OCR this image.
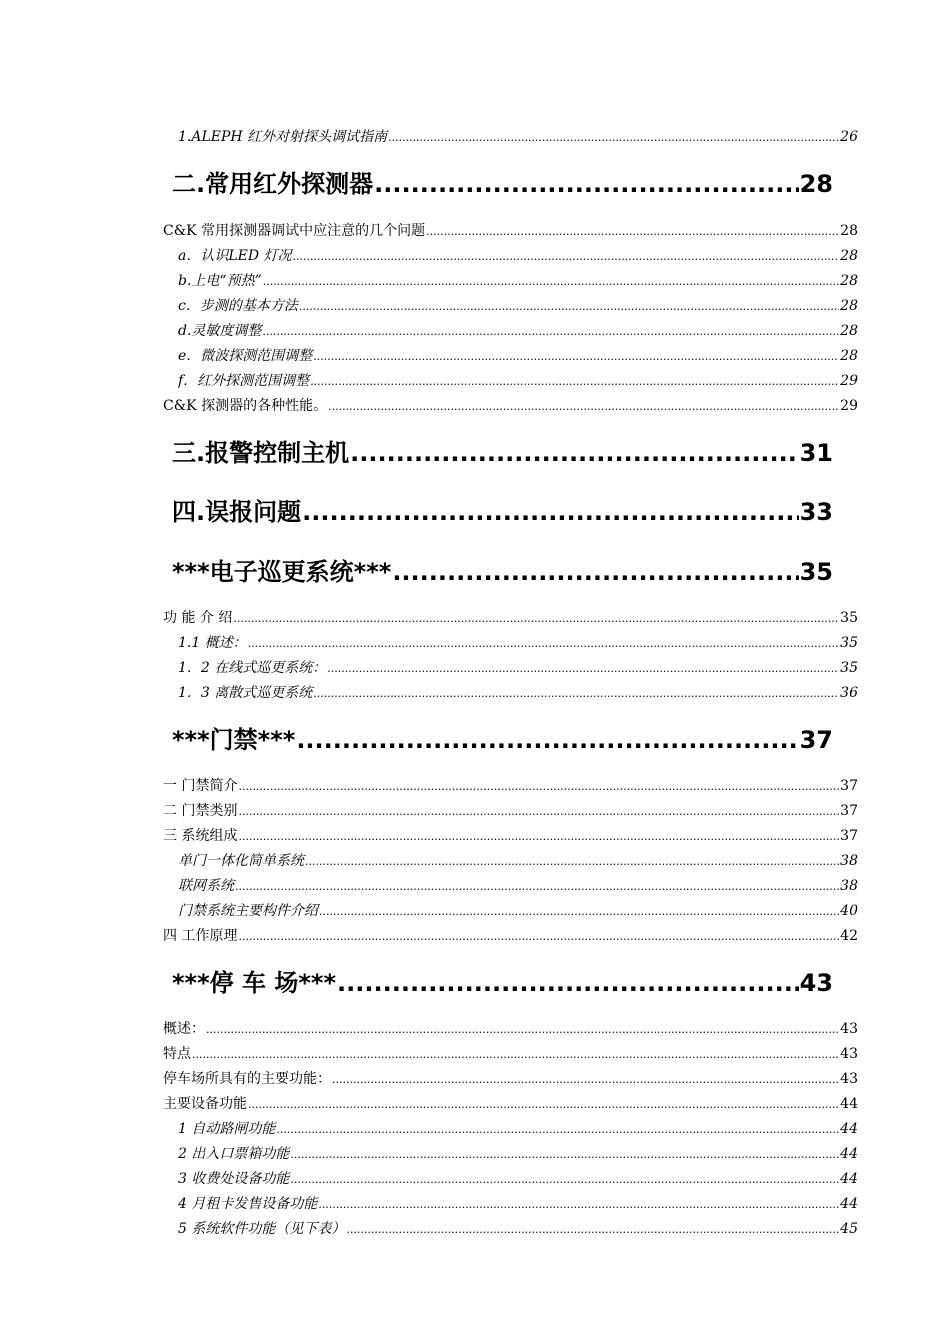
1.ALEPH 红外对射探头调试指南 .....	26
二.常用红外探测器 .....	28
C&K 常用探测器调试中应注意的几个问题 .....	28
a．认识LED 灯况 .....	28
b.上电“预热” .....	28
c．步测的基本方法 .....	28
d.灵敏度调整 .....	28
e．微波探测范围调整 .....	28
f．红外探测范围调整 .....	29
C&K 探测器的各种性能。 .....	29
三.报警控制主机 .....	31
四.误报问题 .....	33
***电子巡更系统*** .....	35
功 能 介 绍 .....	35
1.1 概述： .....	35
1．2 在线式巡更系统： .....	35
1．3 离散式巡更系统 .....	36
***门禁*** .....	37
一 门禁简介 .....	37
二 门禁类别 .....	37
三 系统组成 .....	37
单门一体化简单系统 .....	38
联网系统 .....	38
门禁系统主要构件介绍 .....	40
四 工作原理 .....	42
***停 车 场*** .....	43
概述： .....	43
特点 .....	43
停车场所具有的主要功能： .....	43
主要设备功能 .....	44
1 自动路闸功能 .....	44
2 出入口票箱功能 .....	44
3 收费处设备功能 .....	44
4 月租卡发售设备功能 .....	44
5 系统软件功能（见下表） .....	45
